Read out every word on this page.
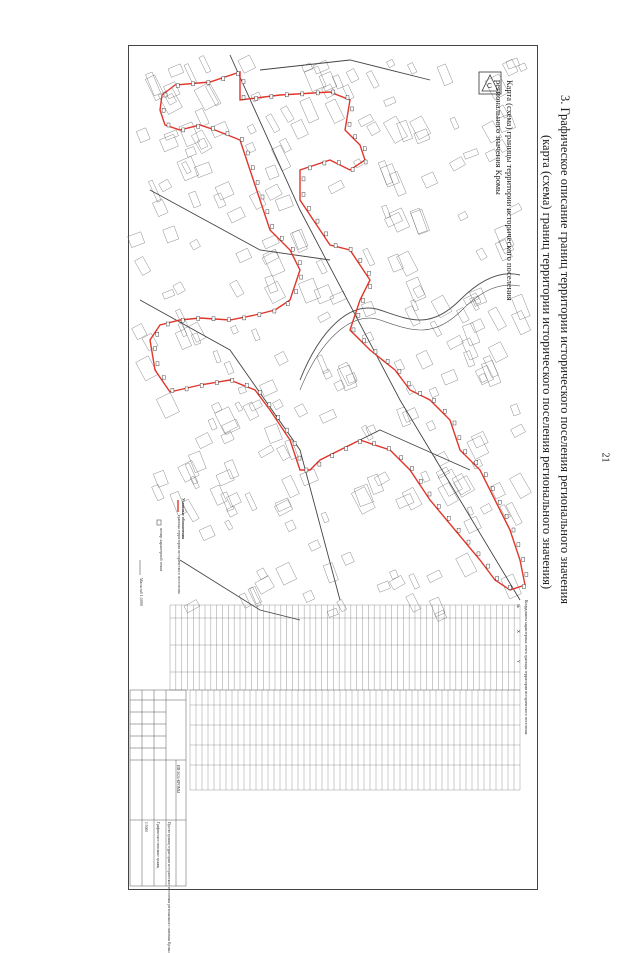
21
3. Графическое описание границ территории исторического поселения регионального значения
(карта (схема) границ территории исторического поселения регионального значения)
С Карта (схема) границы территории исторического поселения
регионального значения Кромы
Условные обозначения
граница территории исторического поселения
номер характерной точки
Масштаб 1:5000
Координаты характерных точек границы территории исторического поселения
№
X
Y
ИП-2024-КРОМЫ
Проект границ территории исторического поселения регионального значения Кромы
Графическое описание границ
1:5000
